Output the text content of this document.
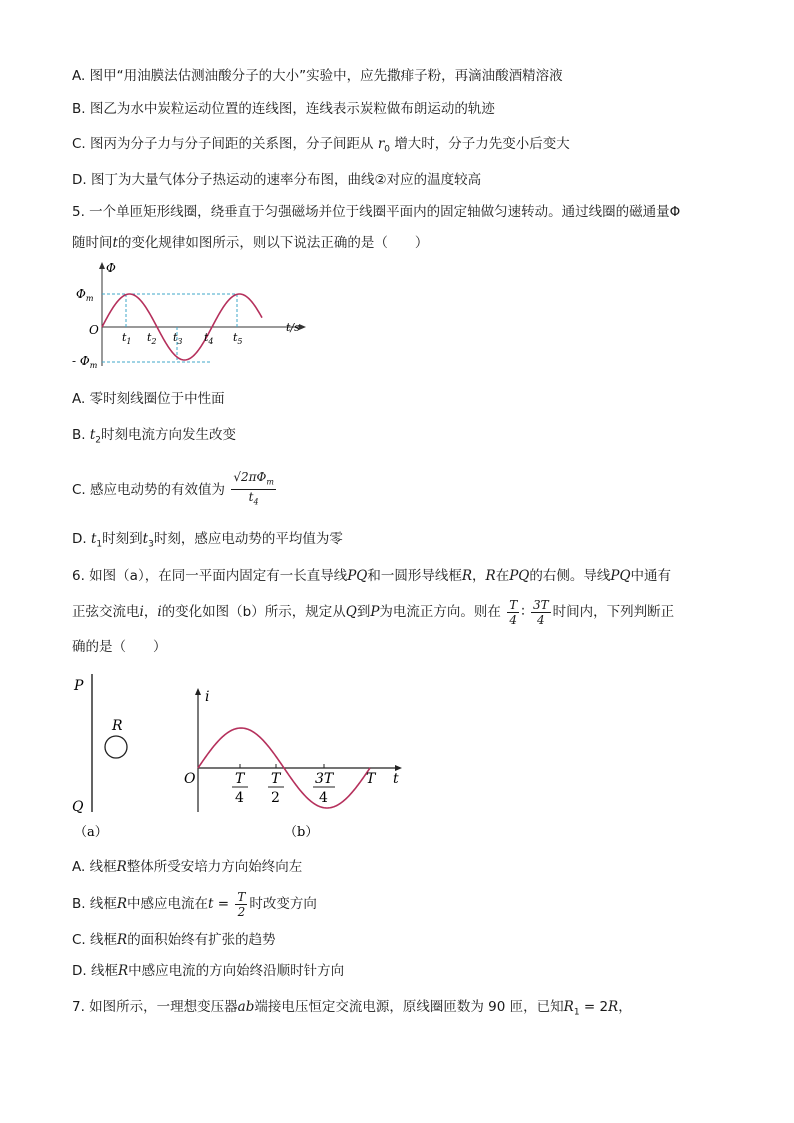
A. 图甲“用油膜法估测油酸分子的大小”实验中，应先撒痱子粉，再滴油酸酒精溶液
B. 图乙为水中炭粒运动位置的连线图，连线表示炭粒做布朗运动的轨迹
C. 图丙为分子力与分子间距的关系图，分子间距从 $r_0$ 增大时，分子力先变小后变大
D. 图丁为大量气体分子热运动的速率分布图，曲线②对应的温度较高
5. 一个单匝矩形线圈，绕垂直于匀强磁场并位于线圈平面内的固定轴做匀速转动。通过线圈的磁通量Φ
随时间t的变化规律如图所示，则以下说法正确的是（　　）
Φ
$\Phi_m$
- $\Phi_m$
O	t/s
$t_1$ $t_2$ $t_3$ $t_4$ $t_5$
A. 零时刻线圈位于中性面
B. $t_2$时刻电流方向发生改变
C. 感应电动势的有效值为 $\frac{√2\pi\Phi_m}{t_4}$
D. $t_1$时刻到$t_3$时刻，感应电动势的平均值为零
6. 如图（a），在同一平面内固定有一长直导线PQ和一圆形导线框R，R在PQ的右侧。导线PQ中通有
正弦交流电i，i的变化如图（b）所示，规定从Q到P为电流正方向。则在 $\frac{T}{4}$ ∶ $\frac{3T}{4}$ 时间内，下列判断正
确的是（　　）
P
Q
R
（a）
i
O	t
T
4
T
2
3T
4
T
（b）
A. 线框R整体所受安培力方向始终向左
B. 线框R中感应电流在$t = \frac{T}{2}$ 时改变方向
C. 线框R的面积始终有扩张的趋势
D. 线框R中感应电流的方向始终沿顺时针方向
7. 如图所示，一理想变压器ab端接电压恒定交流电源，原线圈匝数为 90 匝，已知$R_1 = 2R$，
